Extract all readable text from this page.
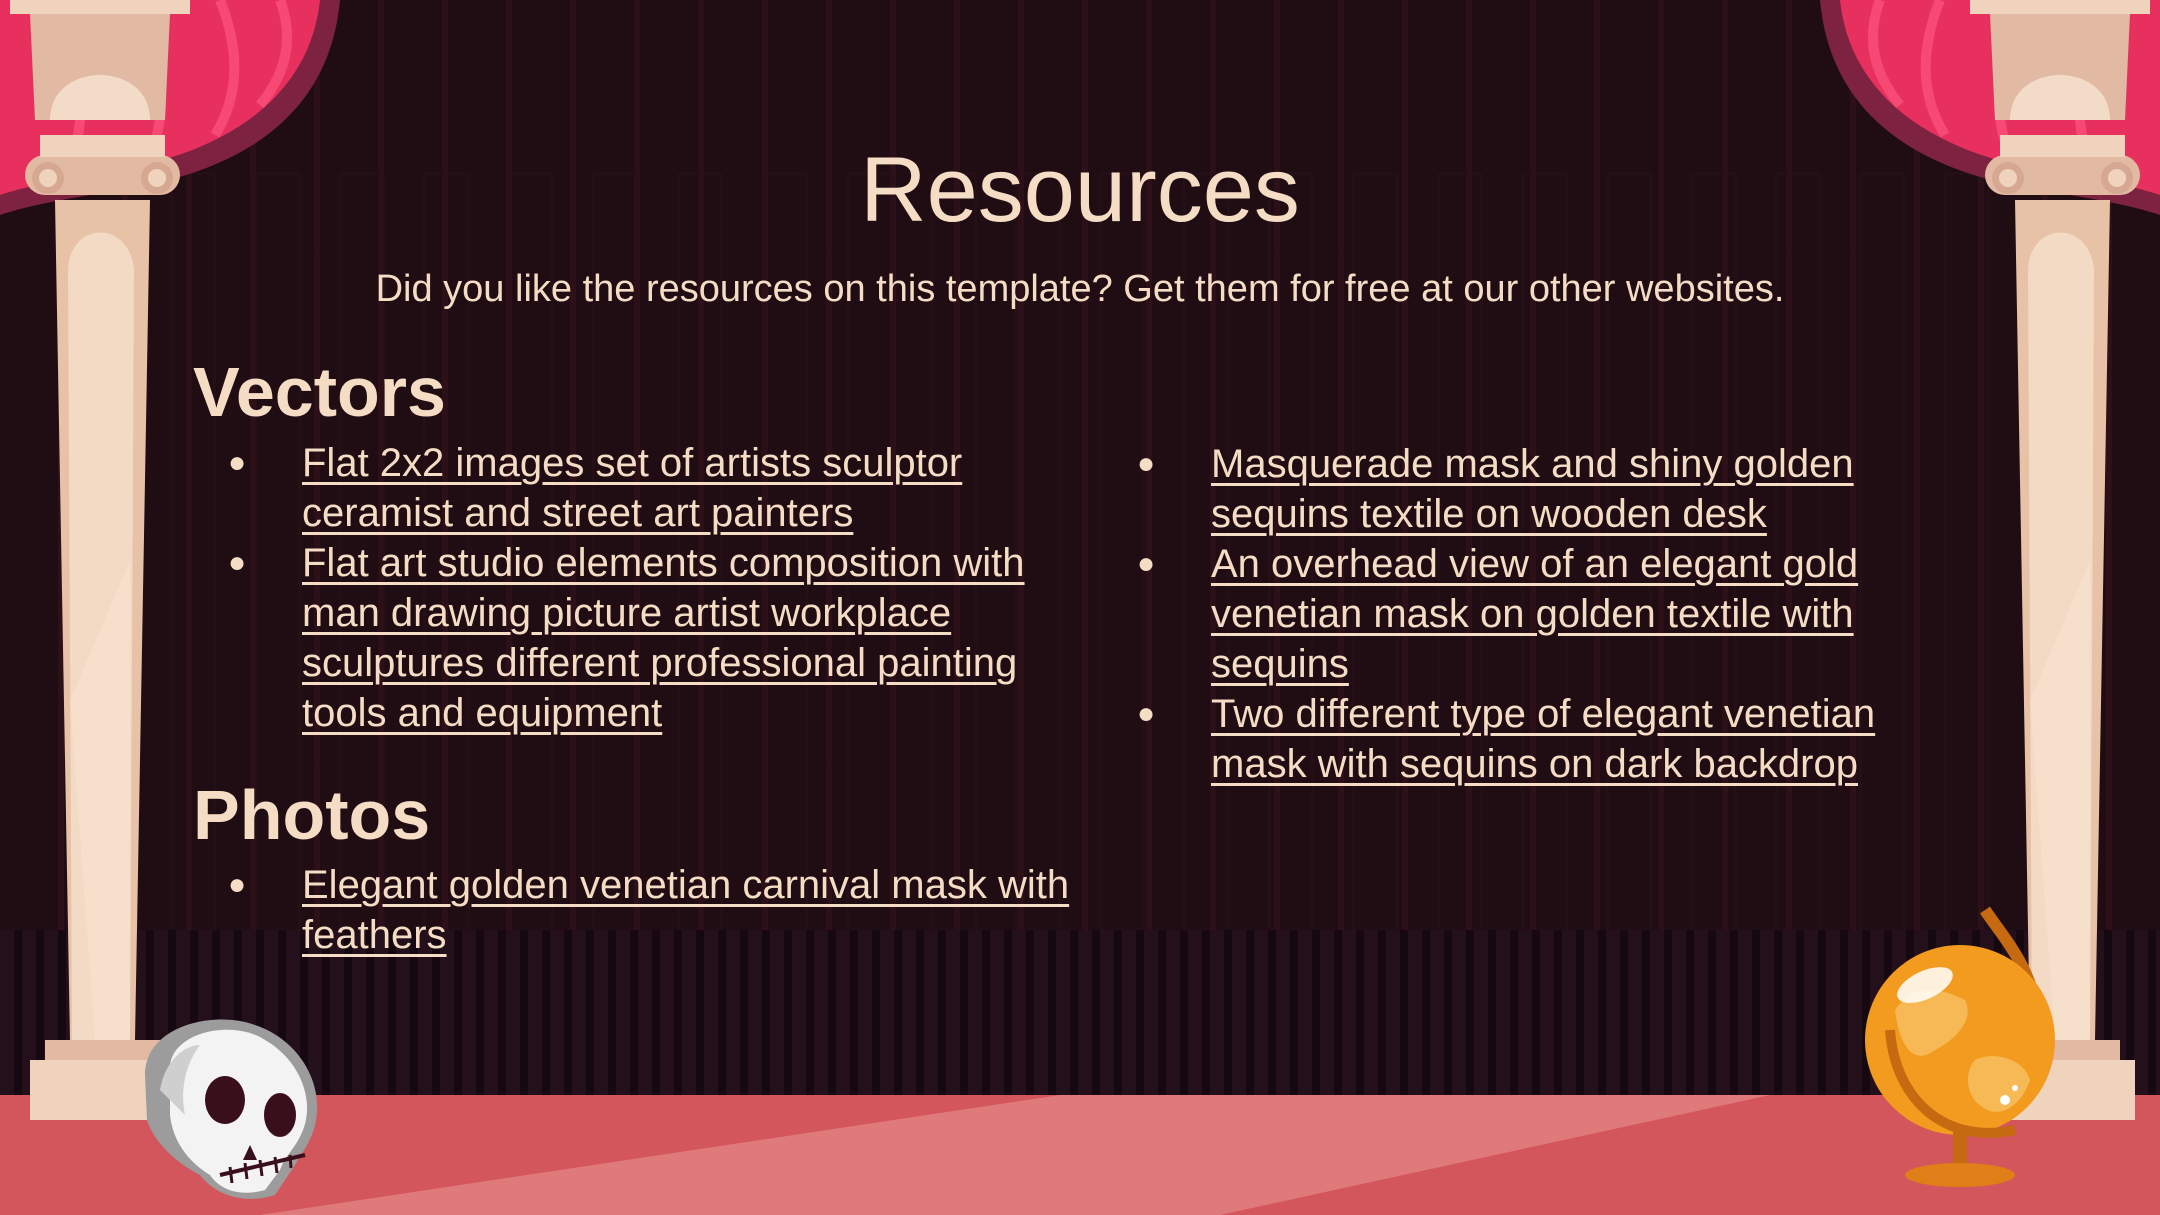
Resources

Did you like the resources on this template? Get them for free at our other websites.

Vectors
● Flat 2x2 images set of artists sculptor ceramist and street art painters
● Flat art studio elements composition with man drawing picture artist workplace sculptures different professional painting tools and equipment
Photos
● Elegant golden venetian carnival mask with feathers
● Masquerade mask and shiny golden sequins textile on wooden desk
● An overhead view of an elegant gold venetian mask on golden textile with sequins
● Two different type of elegant venetian mask with sequins on dark backdrop
